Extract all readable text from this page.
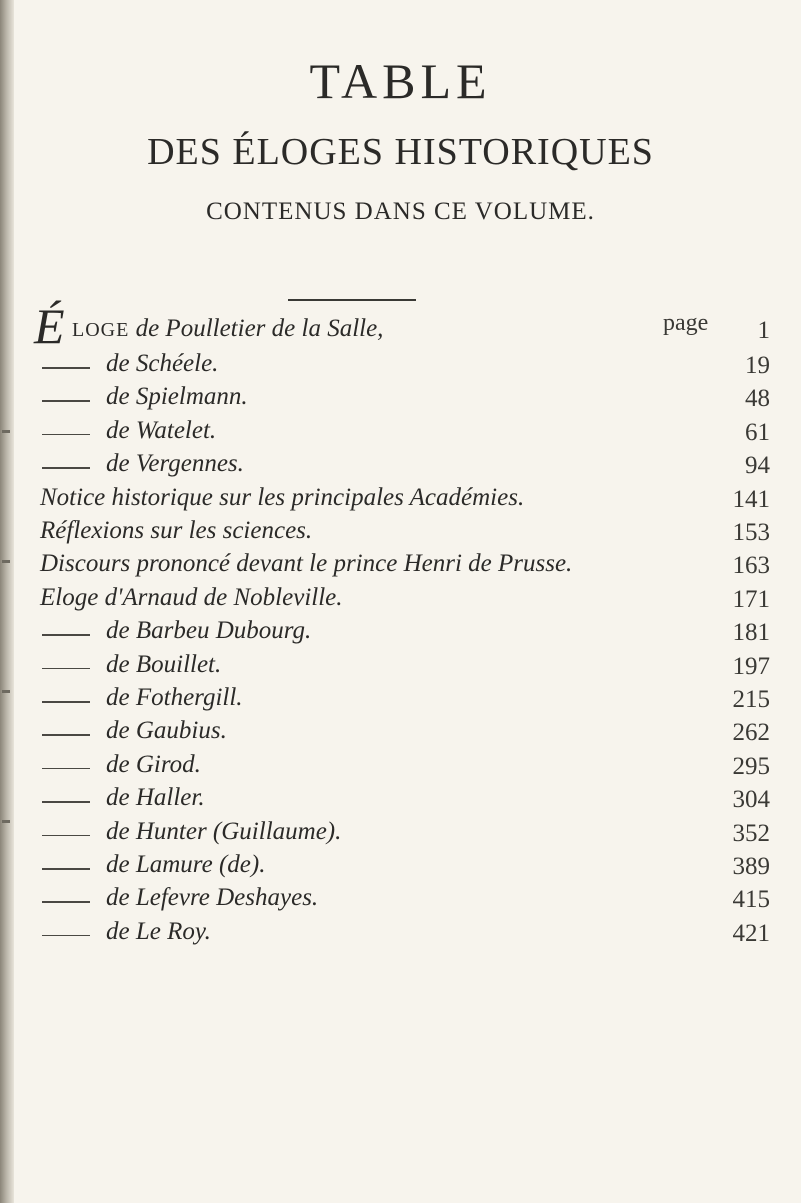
TABLE
DES ÉLOGES HISTORIQUES
CONTENUS DANS CE VOLUME.
page
É LOGE de Poulletier de la Salle,	1
de Schéele.	19
de Spielmann.	48
de Watelet.	61
de Vergennes.	94
Notice historique sur les principales Académies.	141
Réflexions sur les sciences.	153
Discours prononcé devant le prince Henri de Prusse.	163
Eloge d'Arnaud de Nobleville.	171
de Barbeu Dubourg.	181
de Bouillet.	197
de Fothergill.	215
de Gaubius.	262
de Girod.	295
de Haller.	304
de Hunter (Guillaume).	352
de Lamure (de).	389
de Lefevre Deshayes.	415
de Le Roy.	421
